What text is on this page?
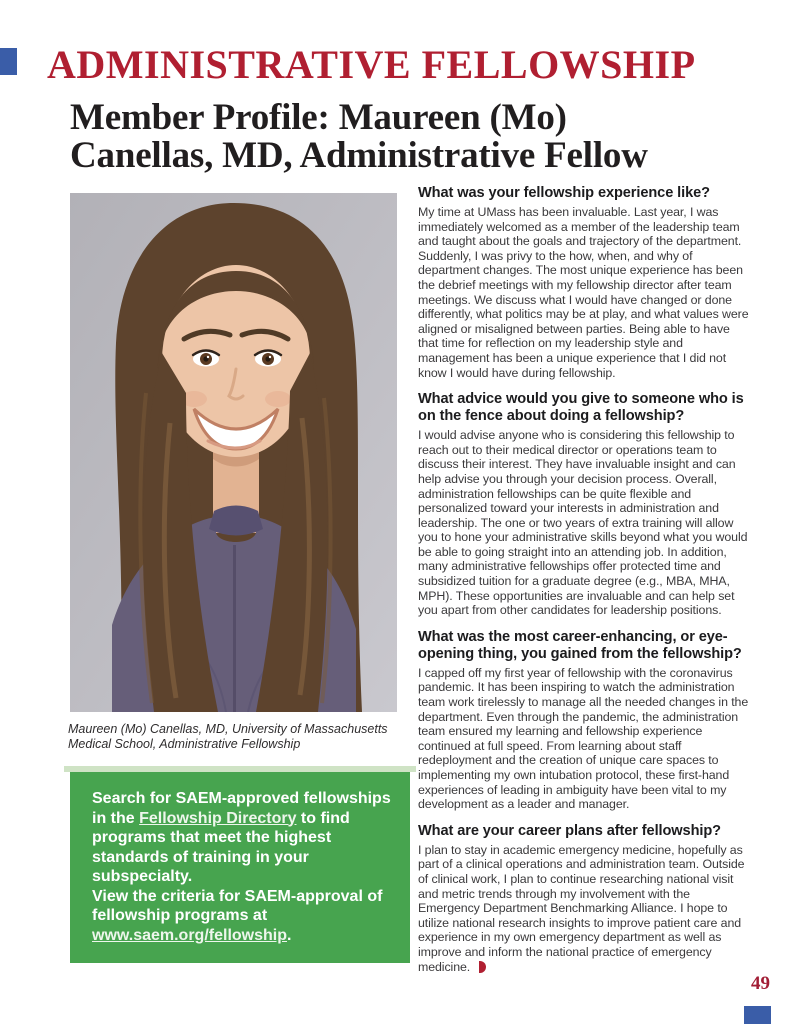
ADMINISTRATIVE FELLOWSHIP
Member Profile: Maureen (Mo)
Canellas, MD, Administrative Fellow
Maureen (Mo) Canellas, MD, University of Massachusetts Medical School, Administrative Fellowship

Search for SAEM-approved fellowships in the Fellowship Directory to find programs that meet the highest standards of training in your subspecialty.

View the criteria for SAEM-approval of fellowship programs at www.saem.org/fellowship.

What was your fellowship experience like?

My time at UMass has been invaluable. Last year, I was immediately welcomed as a member of the leadership team and taught about the goals and trajectory of the department. Suddenly, I was privy to the how, when, and why of department changes. The most unique experience has been the debrief meetings with my fellowship director after team meetings. We discuss what I would have changed or done differently, what politics may be at play, and what values were aligned or misaligned between parties. Being able to have that time for reflection on my leadership style and management has been a unique experience that I did not know I would have during fellowship.

What advice would you give to someone who is on the fence about doing a fellowship?

I would advise anyone who is considering this fellowship to reach out to their medical director or operations team to discuss their interest. They have invaluable insight and can help advise you through your decision process. Overall, administration fellowships can be quite flexible and personalized toward your interests in administration and leadership. The one or two years of extra training will allow you to hone your administrative skills beyond what you would be able to going straight into an attending job. In addition, many administrative fellowships offer protected time and subsidized tuition for a graduate degree (e.g., MBA, MHA, MPH). These opportunities are invaluable and can help set you apart from other candidates for leadership positions.

What was the most career-enhancing, or eye-opening thing, you gained from the fellowship?

I capped off my first year of fellowship with the coronavirus pandemic. It has been inspiring to watch the administration team work tirelessly to manage all the needed changes in the department. Even through the pandemic, the administration team ensured my learning and fellowship experience continued at full speed. From learning about staff redeployment and the creation of unique care spaces to implementing my own intubation protocol, these first-hand experiences of leading in ambiguity have been vital to my development as a leader and manager.

What are your career plans after fellowship?

I plan to stay in academic emergency medicine, hopefully as part of a clinical operations and administration team. Outside of clinical work, I plan to continue researching national visit and metric trends through my involvement with the Emergency Department Benchmarking Alliance. I hope to utilize national research insights to improve patient care and experience in my own emergency department as well as improve and inform the national practice of emergency medicine.

49
